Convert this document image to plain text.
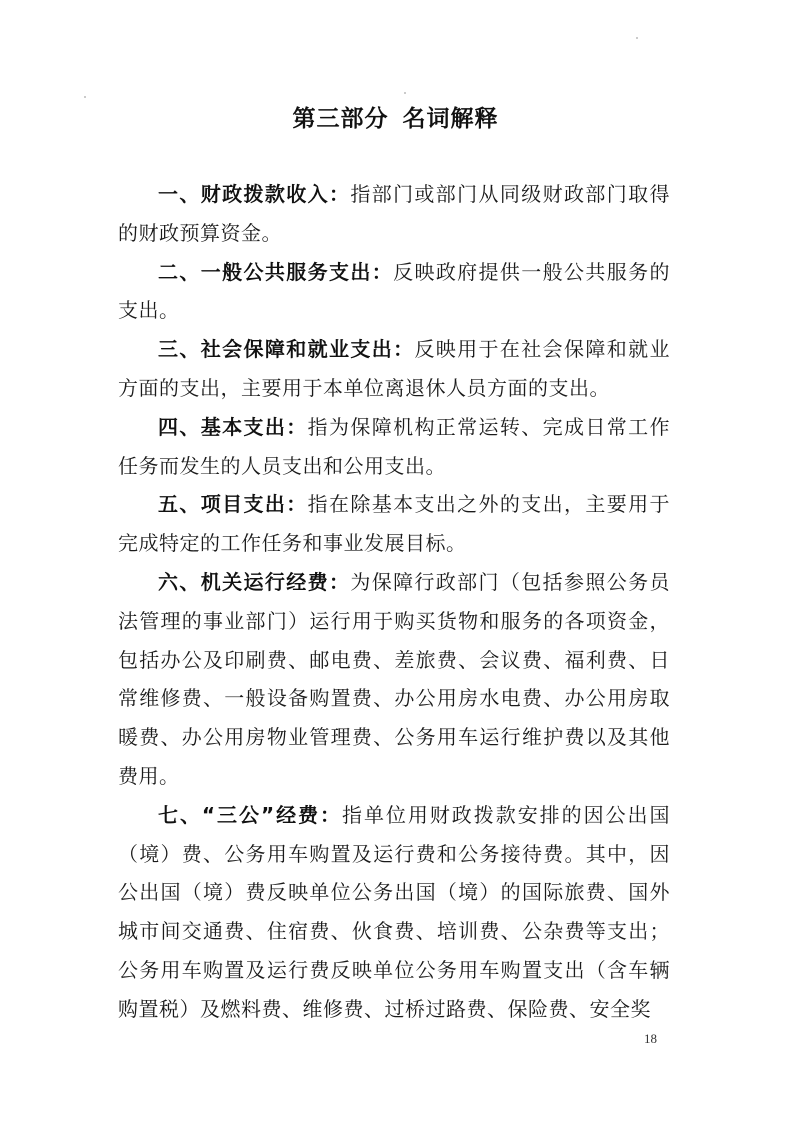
第三部分 名词解释

一、财政拨款收入：指部门或部门从同级财政部门取得的财政预算资金。

二、一般公共服务支出：反映政府提供一般公共服务的支出。

三、社会保障和就业支出：反映用于在社会保障和就业方面的支出，主要用于本单位离退休人员方面的支出。

四、基本支出：指为保障机构正常运转、完成日常工作任务而发生的人员支出和公用支出。

五、项目支出：指在除基本支出之外的支出，主要用于完成特定的工作任务和事业发展目标。

六、机关运行经费：为保障行政部门（包括参照公务员法管理的事业部门）运行用于购买货物和服务的各项资金，包括办公及印刷费、邮电费、差旅费、会议费、福利费、日常维修费、一般设备购置费、办公用房水电费、办公用房取暖费、办公用房物业管理费、公务用车运行维护费以及其他费用。

七、“三公”经费：指单位用财政拨款安排的因公出国（境）费、公务用车购置及运行费和公务接待费。其中，因公出国（境）费反映单位公务出国（境）的国际旅费、国外城市间交通费、住宿费、伙食费、培训费、公杂费等支出；公务用车购置及运行费反映单位公务用车购置支出（含车辆购置税）及燃料费、维修费、过桥过路费、保险费、安全奖

18
